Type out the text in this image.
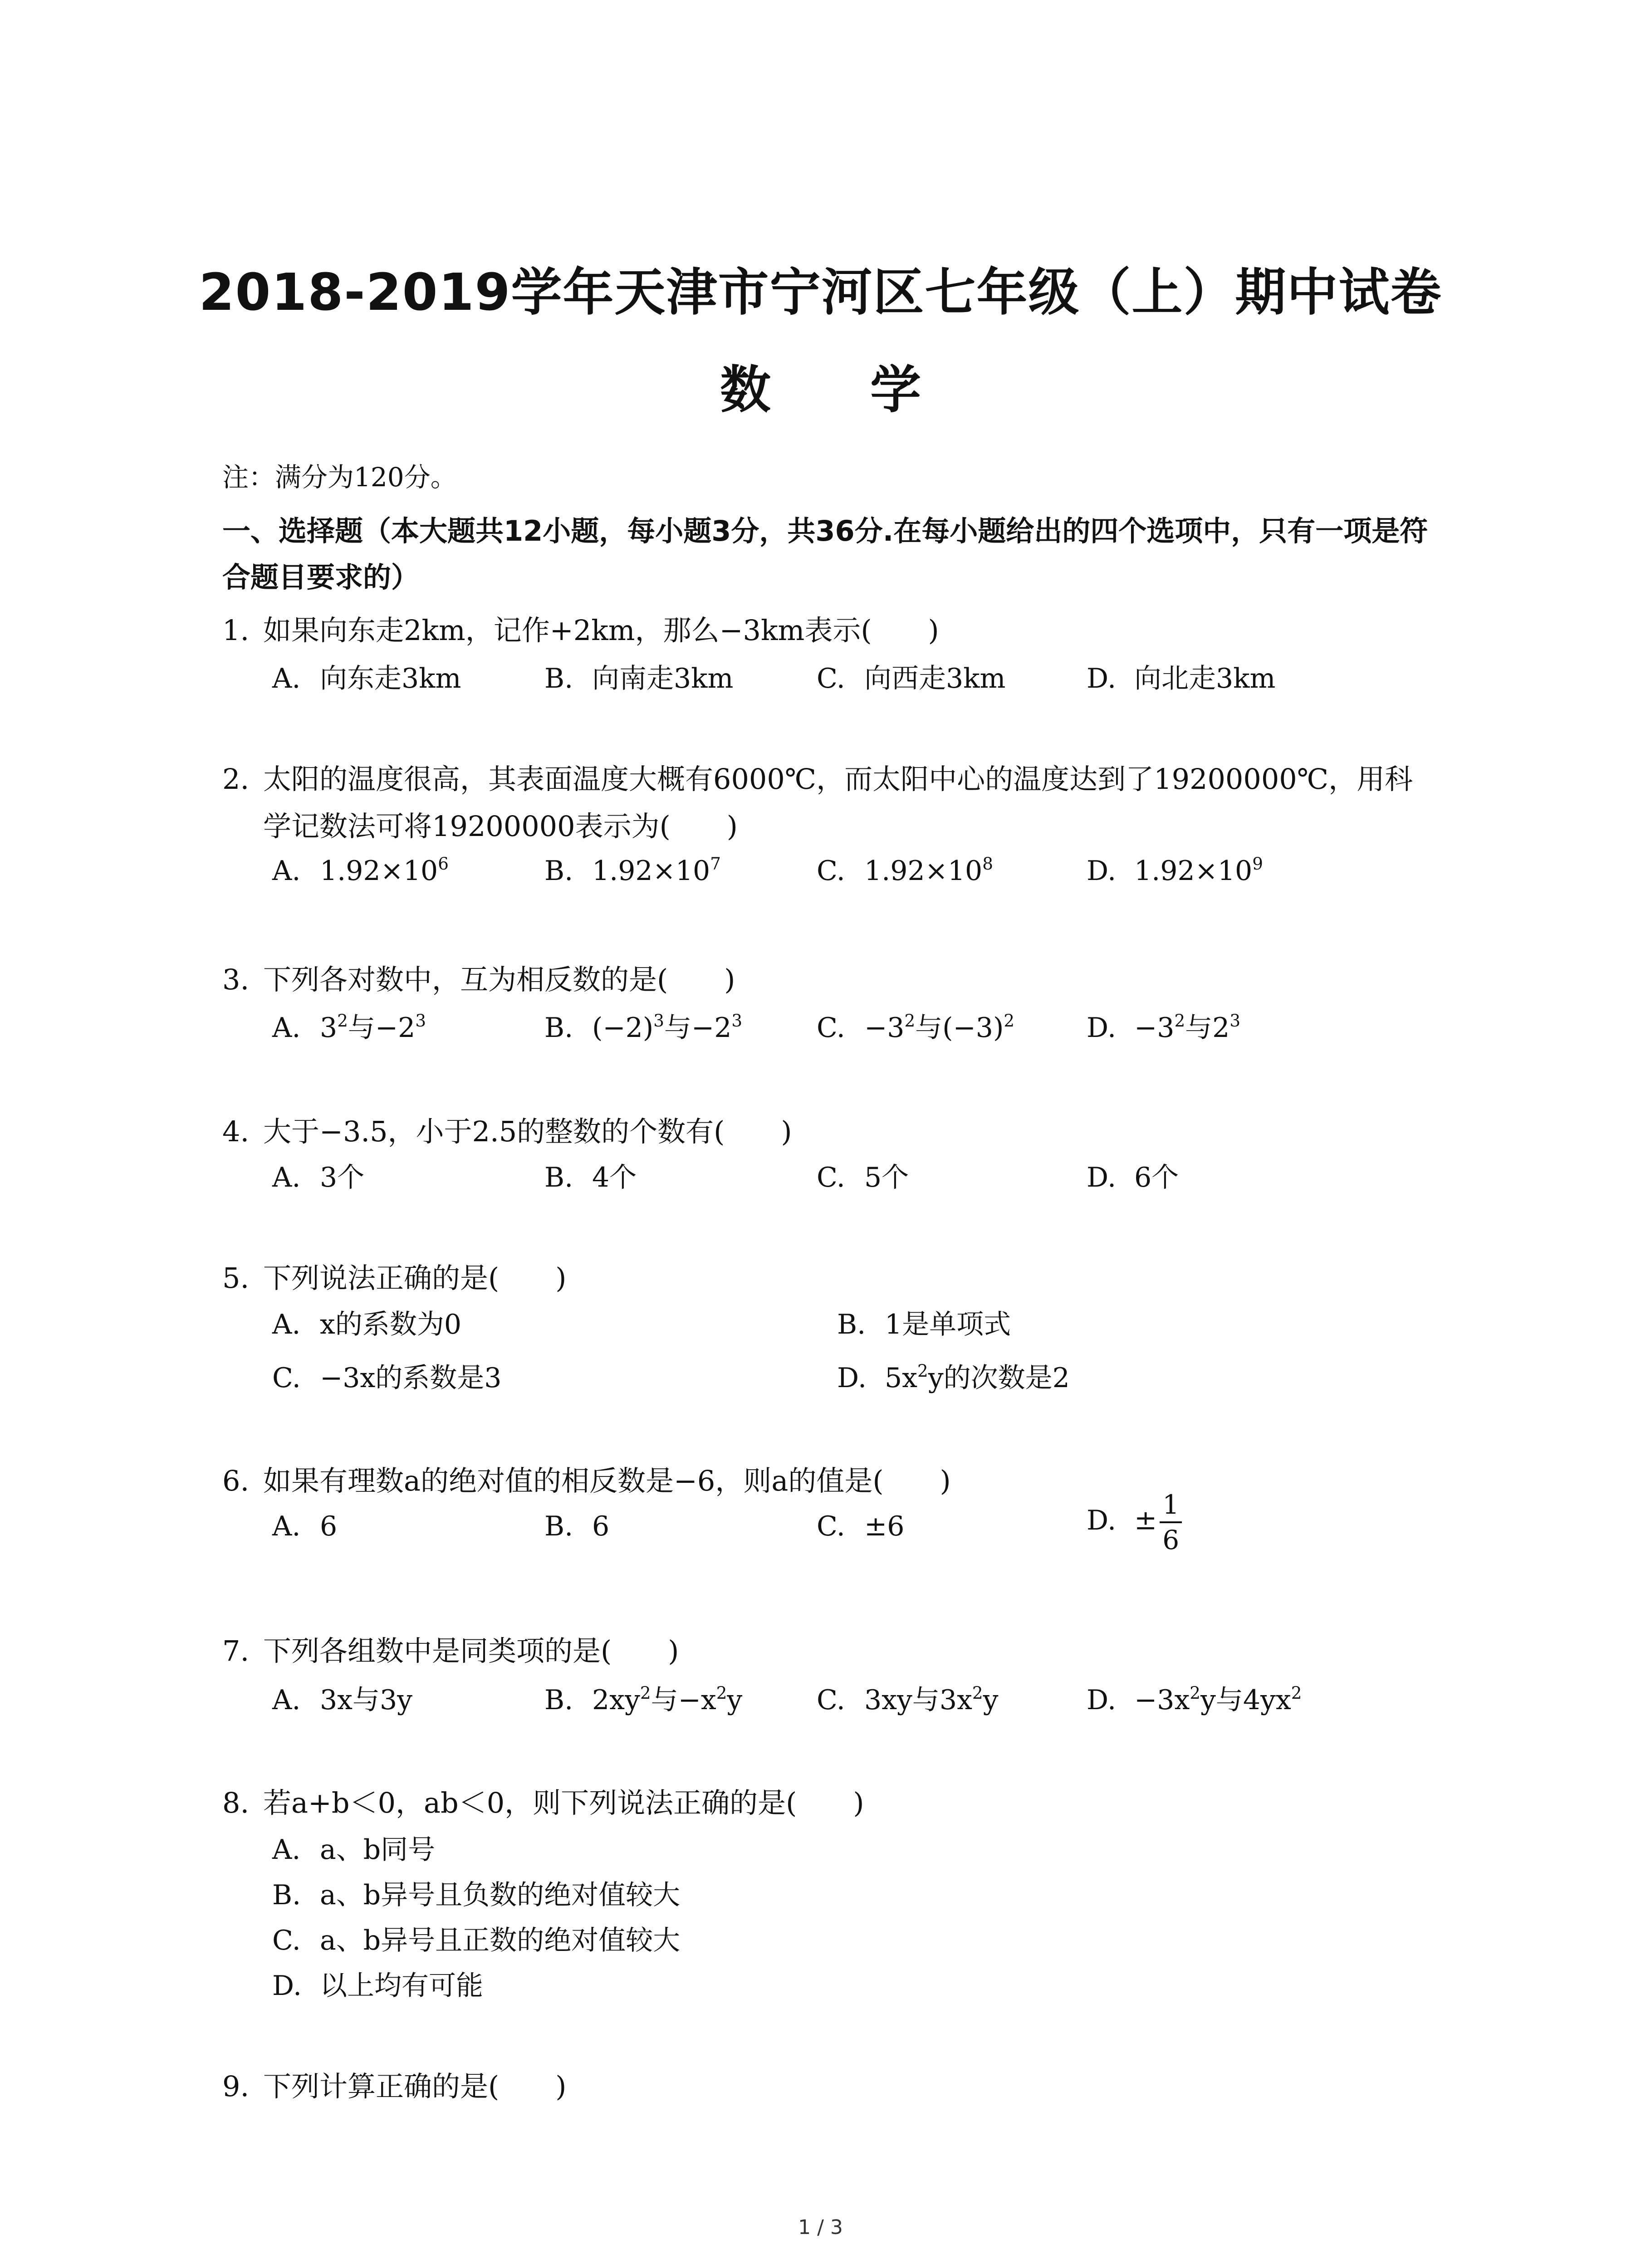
2018-2019学年天津市宁河区七年级（上）期中试卷
数 学
注：满分为120分。
一、选择题（本大题共12小题，每小题3分，共36分.在每小题给出的四个选项中，只有一项是符合题目要求的）
1. 如果向东走2km，记作+2km，那么−3km表示(　　)
A. 向东走3km	B. 向南走3km	C. 向西走3km	D. 向北走3km
2. 太阳的温度很高，其表面温度大概有6000℃，而太阳中心的温度达到了19200000℃，用科
学记数法可将19200000表示为(　　)
A. $1.92\times 10^6$	B. $1.92\times 10^7$	C. $1.92\times 10^8$	D. $1.92\times 10^9$
3. 下列各对数中，互为相反数的是(　　)
A. $3^2$与$-2^3$	B. $(-2)^3$与$-2^3$	C. $-3^2$与$(-3)^2$	D. $-3^2$与$2^3$
4. 大于−3.5，小于2.5的整数的个数有(　　)
A. 3个	B. 4个	C. 5个	D. 6个
5. 下列说法正确的是(　　)
A. x的系数为0	B. 1是单项式
C. −3x的系数是3	D. $5x^2y$的次数是2
6. 如果有理数a的绝对值的相反数是−6，则a的值是(　　)
A. 6	B. 6	C. ±6	D. ± $\frac{1}{6}$
7. 下列各组数中是同类项的是(　　)
A. 3x与3y	B. $2xy^2$与$-x^2y$	C. 3xy与$3x^2y$	D. $-3x^2y$与$4yx^2$
8. 若a+b＜0，ab＜0，则下列说法正确的是(　　)
A. a、b同号
B. a、b异号且负数的绝对值较大
C. a、b异号且正数的绝对值较大
D. 以上均有可能
9. 下列计算正确的是(　　)
1 / 3
